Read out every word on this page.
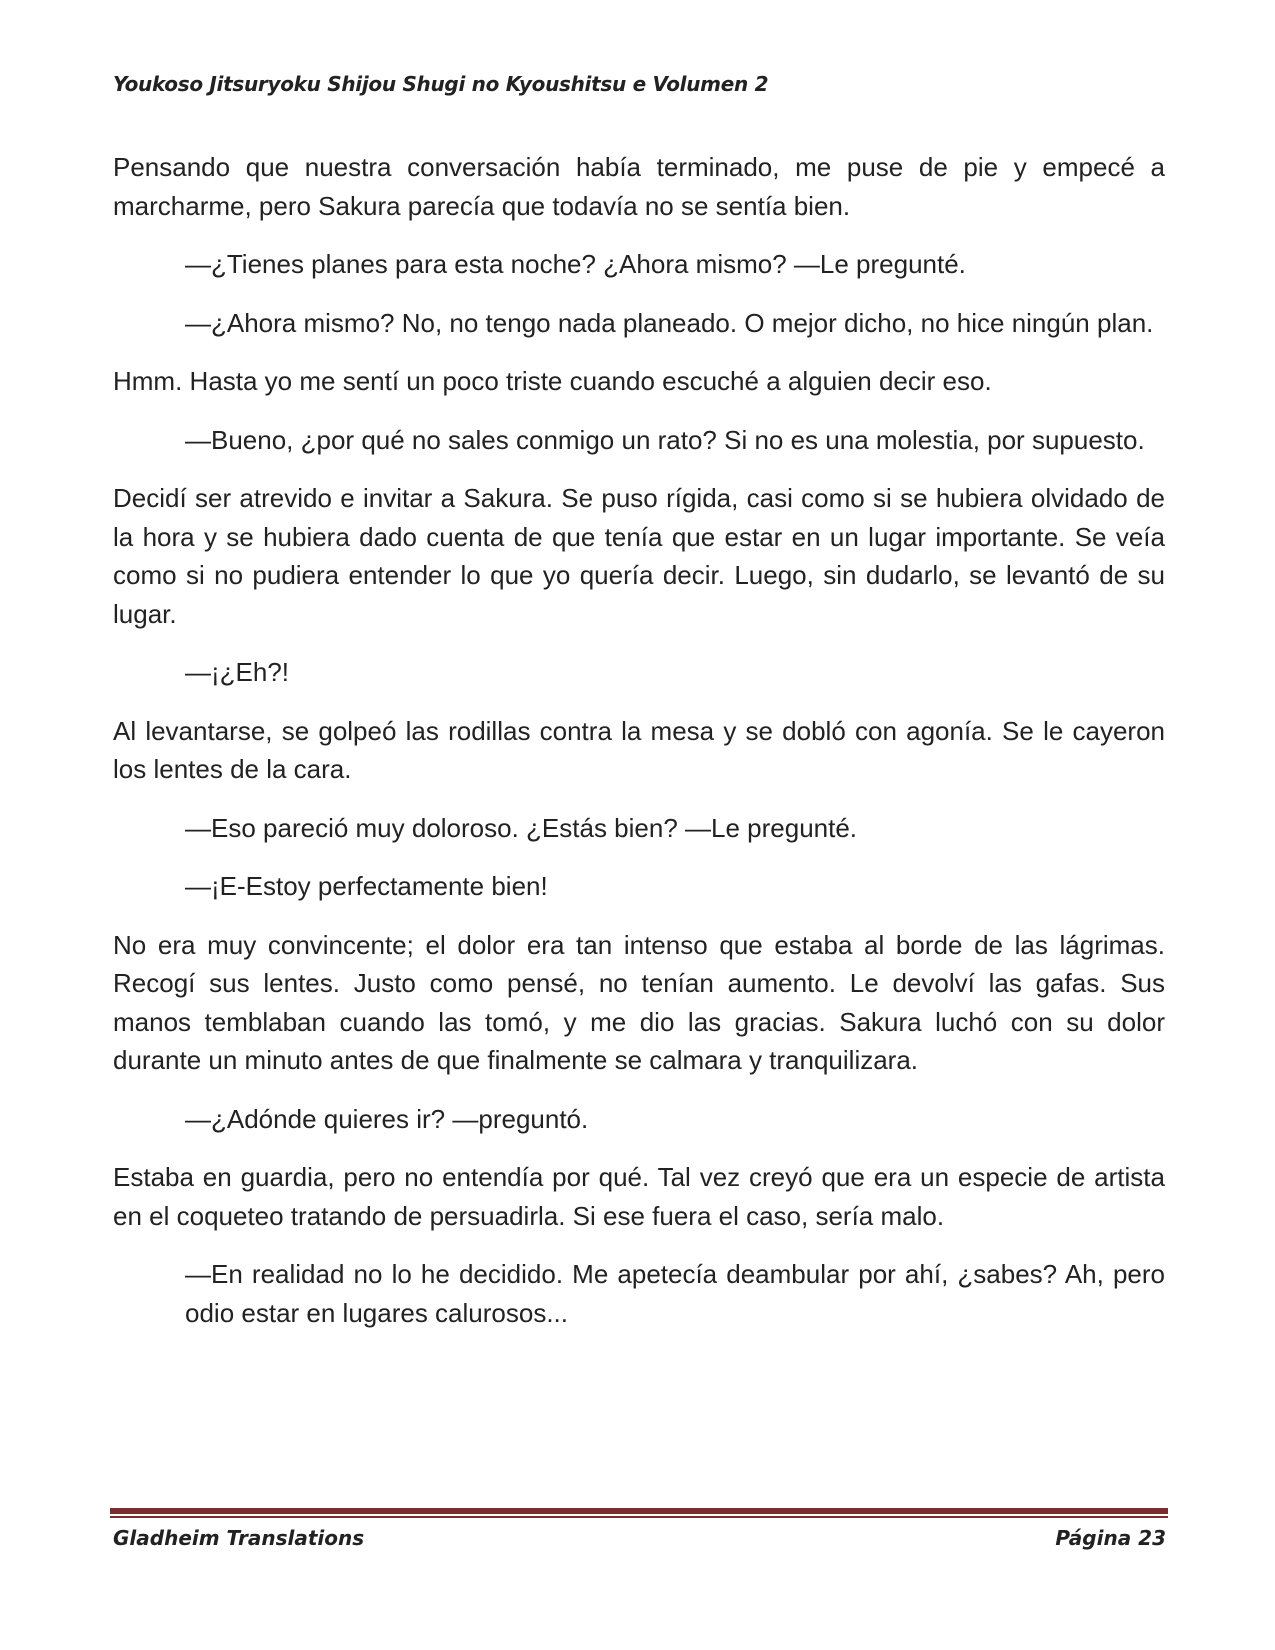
Youkoso Jitsuryoku Shijou Shugi no Kyoushitsu e Volumen 2

Pensando que nuestra conversación había terminado, me puse de pie y empecé a marcharme, pero Sakura parecía que todavía no se sentía bien.

—¿Tienes planes para esta noche? ¿Ahora mismo? —Le pregunté.

—¿Ahora mismo? No, no tengo nada planeado. O mejor dicho, no hice ningún plan.

Hmm. Hasta yo me sentí un poco triste cuando escuché a alguien decir eso.

—Bueno, ¿por qué no sales conmigo un rato? Si no es una molestia, por supuesto.

Decidí ser atrevido e invitar a Sakura. Se puso rígida, casi como si se hubiera olvidado de la hora y se hubiera dado cuenta de que tenía que estar en un lugar importante. Se veía como si no pudiera entender lo que yo quería decir. Luego, sin dudarlo, se levantó de su lugar.

—¡¿Eh?!

Al levantarse, se golpeó las rodillas contra la mesa y se dobló con agonía. Se le cayeron los lentes de la cara.

—Eso pareció muy doloroso. ¿Estás bien? —Le pregunté.

—¡E-Estoy perfectamente bien!

No era muy convincente; el dolor era tan intenso que estaba al borde de las lágrimas. Recogí sus lentes. Justo como pensé, no tenían aumento. Le devolví las gafas. Sus manos temblaban cuando las tomó, y me dio las gracias. Sakura luchó con su dolor durante un minuto antes de que finalmente se calmara y tranquilizara.

—¿Adónde quieres ir? —preguntó.

Estaba en guardia, pero no entendía por qué. Tal vez creyó que era un especie de artista en el coqueteo tratando de persuadirla. Si ese fuera el caso, sería malo.

—En realidad no lo he decidido. Me apetecía deambular por ahí, ¿sabes? Ah, pero odio estar en lugares calurosos...

Gladheim Translations	Página 23
